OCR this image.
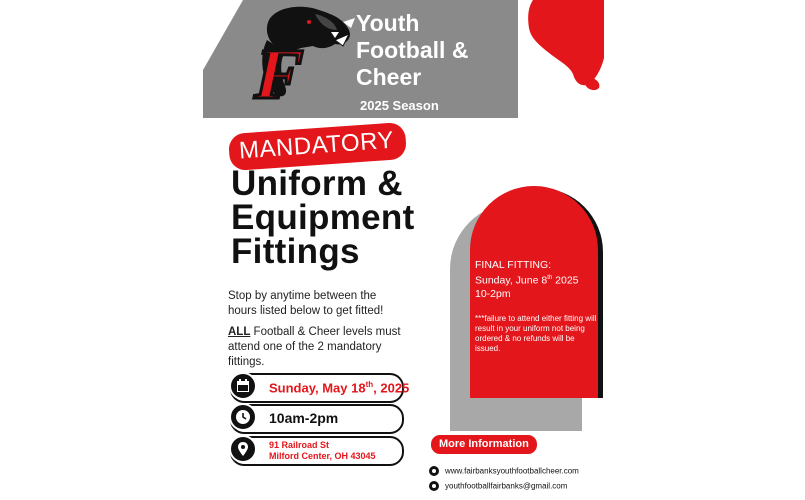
F
Youth
Football &
Cheer
2025 Season
MANDATORY
Uniform &
Equipment
Fittings
Stop by anytime between the hours listed below to get fitted!
ALL Football & Cheer levels must attend one of the 2 mandatory fittings.
Sunday, May 18th, 2025
10am-2pm
91 Railroad St
Milford Center, OH 43045
FINAL FITTING:
Sunday, June 8th 2025
10-2pm
***failure to attend either fitting will result in your uniform not being ordered & no refunds will be issued.
More Information
www.fairbanksyouthfootballcheer.com
youthfootballfairbanks@gmail.com
